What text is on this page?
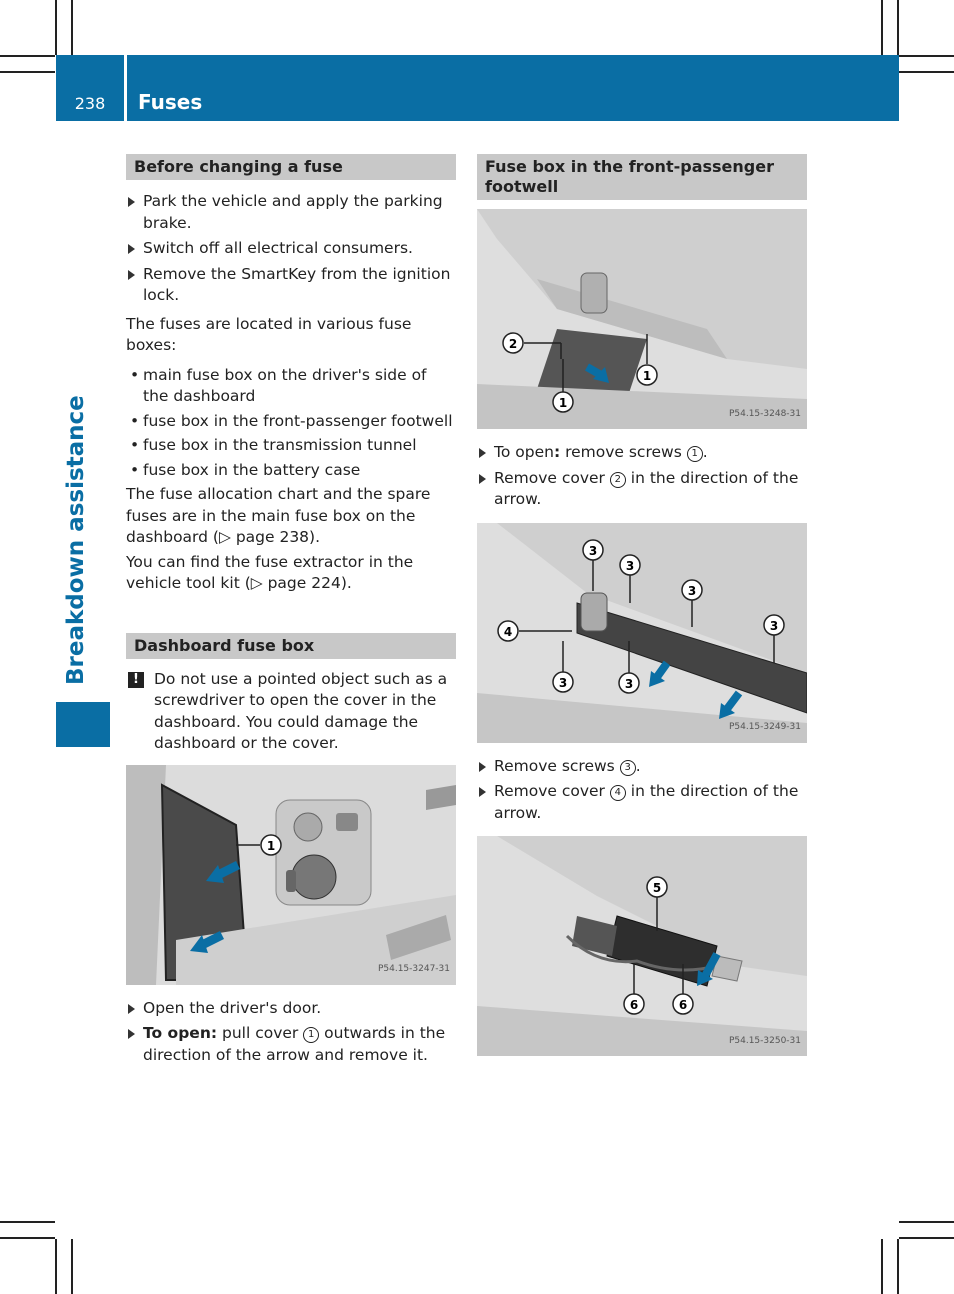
238	Fuses
Breakdown assistance
Before changing a fuse
Park the vehicle and apply the parking brake.
Switch off all electrical consumers.
Remove the SmartKey from the ignition lock.

The fuses are located in various fuse boxes:

• main fuse box on the driver's side of the dashboard
• fuse box in the front-passenger footwell
• fuse box in the transmission tunnel
• fuse box in the battery case

The fuse allocation chart and the spare fuses are in the main fuse box on the dashboard (▷ page 238).

You can find the fuse extractor in the vehicle tool kit (▷ page 224).

Dashboard fuse box
! Do not use a pointed object such as a screwdriver to open the cover in the dashboard. You could damage the dashboard or the cover.
1
P54.15-3247-31
Open the driver's door.
To open: pull cover 1 outwards in the direction of the arrow and remove it.
Fuse box in the front-passenger footwell
2
1
1
P54.15-3248-31
To open: remove screws 1 .
Remove cover 2 in the direction of the arrow.
3
3
3
3
4
3	3
P54.15-3249-31
Remove screws 3 .
Remove cover 4 in the direction of the arrow.
5
6	6
P54.15-3250-31
